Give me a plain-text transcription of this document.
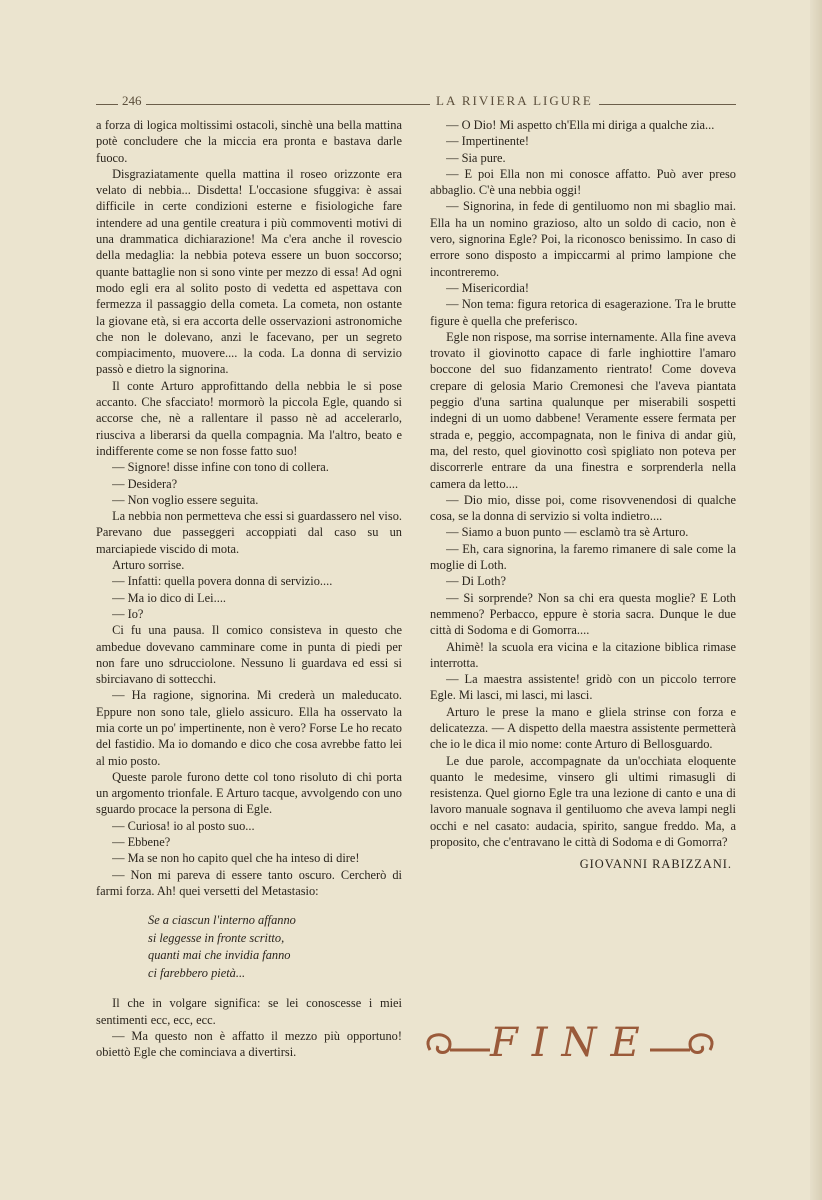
246	LA RIVIERA LIGURE

a forza di logica moltissimi ostacoli, sinchè una bella mattina potè concludere che la miccia era pronta e bastava darle fuoco.

Disgraziatamente quella mattina il roseo orizzonte era velato di nebbia... Disdetta! L'occasione sfuggiva: è assai difficile in certe condizioni esterne e fisiologiche fare intendere ad una gentile creatura i più commoventi motivi di una drammatica dichiarazione! Ma c'era anche il rovescio della medaglia: la nebbia poteva essere un buon soccorso; quante battaglie non si sono vinte per mezzo di essa! Ad ogni modo egli era al solito posto di vedetta ed aspettava con fermezza il passaggio della cometa. La cometa, non ostante la giovane età, si era accorta delle osservazioni astronomiche che non le dolevano, anzi le facevano, per un segreto compiacimento, muovere.... la coda. La donna di servizio passò e dietro la signorina.

Il conte Arturo approfittando della nebbia le si pose accanto. Che sfacciato! mormorò la piccola Egle, quando si accorse che, nè a rallentare il passo nè ad accelerarlo, riusciva a liberarsi da quella compagnia. Ma l'altro, beato e indifferente come se non fosse fatto suo!

— Signore! disse infine con tono di collera.

— Desidera?

— Non voglio essere seguita.

La nebbia non permetteva che essi si guardassero nel viso. Parevano due passeggeri accoppiati dal caso su un marciapiede viscido di mota.

Arturo sorrise.

— Infatti: quella povera donna di servizio....

— Ma io dico di Lei....

— Io?

Ci fu una pausa. Il comico consisteva in questo che ambedue dovevano camminare come in punta di piedi per non fare uno sdrucciolone. Nessuno li guardava ed essi si sbirciavano di sottecchi.

— Ha ragione, signorina. Mi crederà un maleducato. Eppure non sono tale, glielo assicuro. Ella ha osservato la mia corte un po' impertinente, non è vero? Forse Le ho recato del fastidio. Ma io domando e dico che cosa avrebbe fatto lei al mio posto.

Queste parole furono dette col tono risoluto di chi porta un argomento trionfale. E Arturo tacque, avvolgendo con uno sguardo procace la persona di Egle.

— Curiosa! io al posto suo...

— Ebbene?

— Ma se non ho capito quel che ha inteso di dire!

— Non mi pareva di essere tanto oscuro. Cercherò di farmi forza. Ah! quei versetti del Metastasio:

Se a ciascun l'interno affanno
si leggesse in fronte scritto,
quanti mai che invidia fanno
ci farebbero pietà...

Il che in volgare significa: se lei conoscesse i miei sentimenti ecc, ecc, ecc.

— Ma questo non è affatto il mezzo più opportuno! obiettò Egle che cominciava a divertirsi.

— O Dio! Mi aspetto ch'Ella mi diriga a qualche zia...

— Impertinente!

— Sia pure.

— E poi Ella non mi conosce affatto. Può aver preso abbaglio. C'è una nebbia oggi!

— Signorina, in fede di gentiluomo non mi sbaglio mai. Ella ha un nomino grazioso, alto un soldo di cacio, non è vero, signorina Egle? Poi, la riconosco benissimo. In caso di errore sono disposto a impiccarmi al primo lampione che incontreremo.

— Misericordia!

— Non tema: figura retorica di esagerazione. Tra le brutte figure è quella che preferisco.

Egle non rispose, ma sorrise internamente. Alla fine aveva trovato il giovinotto capace di farle inghiottire l'amaro boccone del suo fidanzamento rientrato! Come doveva crepare di gelosia Mario Cremonesi che l'aveva piantata peggio d'una sartina qualunque per miserabili sospetti indegni di un uomo dabbene! Veramente essere fermata per strada e, peggio, accompagnata, non le finiva di andar giù, ma, del resto, quel giovinotto così spigliato non poteva per discorrerle entrare da una finestra e sorprenderla nella camera da letto....

— Dio mio, disse poi, come risovvenendosi di qualche cosa, se la donna di servizio si volta indietro....

— Siamo a buon punto — esclamò tra sè Arturo.

— Eh, cara signorina, la faremo rimanere di sale come la moglie di Loth.

— Di Loth?

— Si sorprende? Non sa chi era questa moglie? E Loth nemmeno? Perbacco, eppure è storia sacra. Dunque le due città di Sodoma e di Gomorra....

Ahimè! la scuola era vicina e la citazione biblica rimase interrotta.

— La maestra assistente! gridò con un piccolo terrore Egle. Mi lasci, mi lasci, mi lasci.

Arturo le prese la mano e gliela strinse con forza e delicatezza. — A dispetto della maestra assistente permetterà che io le dica il mio nome: conte Arturo di Bellosguardo.

Le due parole, accompagnate da un'occhiata eloquente quanto le medesime, vinsero gli ultimi rimasugli di resistenza. Quel giorno Egle tra una lezione di canto e una di lavoro manuale sognava il gentiluomo che aveva lampi negli occhi e nel casato: audacia, spirito, sangue freddo. Ma, a proposito, che c'entravano le città di Sodoma e di Gomorra?

GIOVANNI RABIZZANI.
FINE
